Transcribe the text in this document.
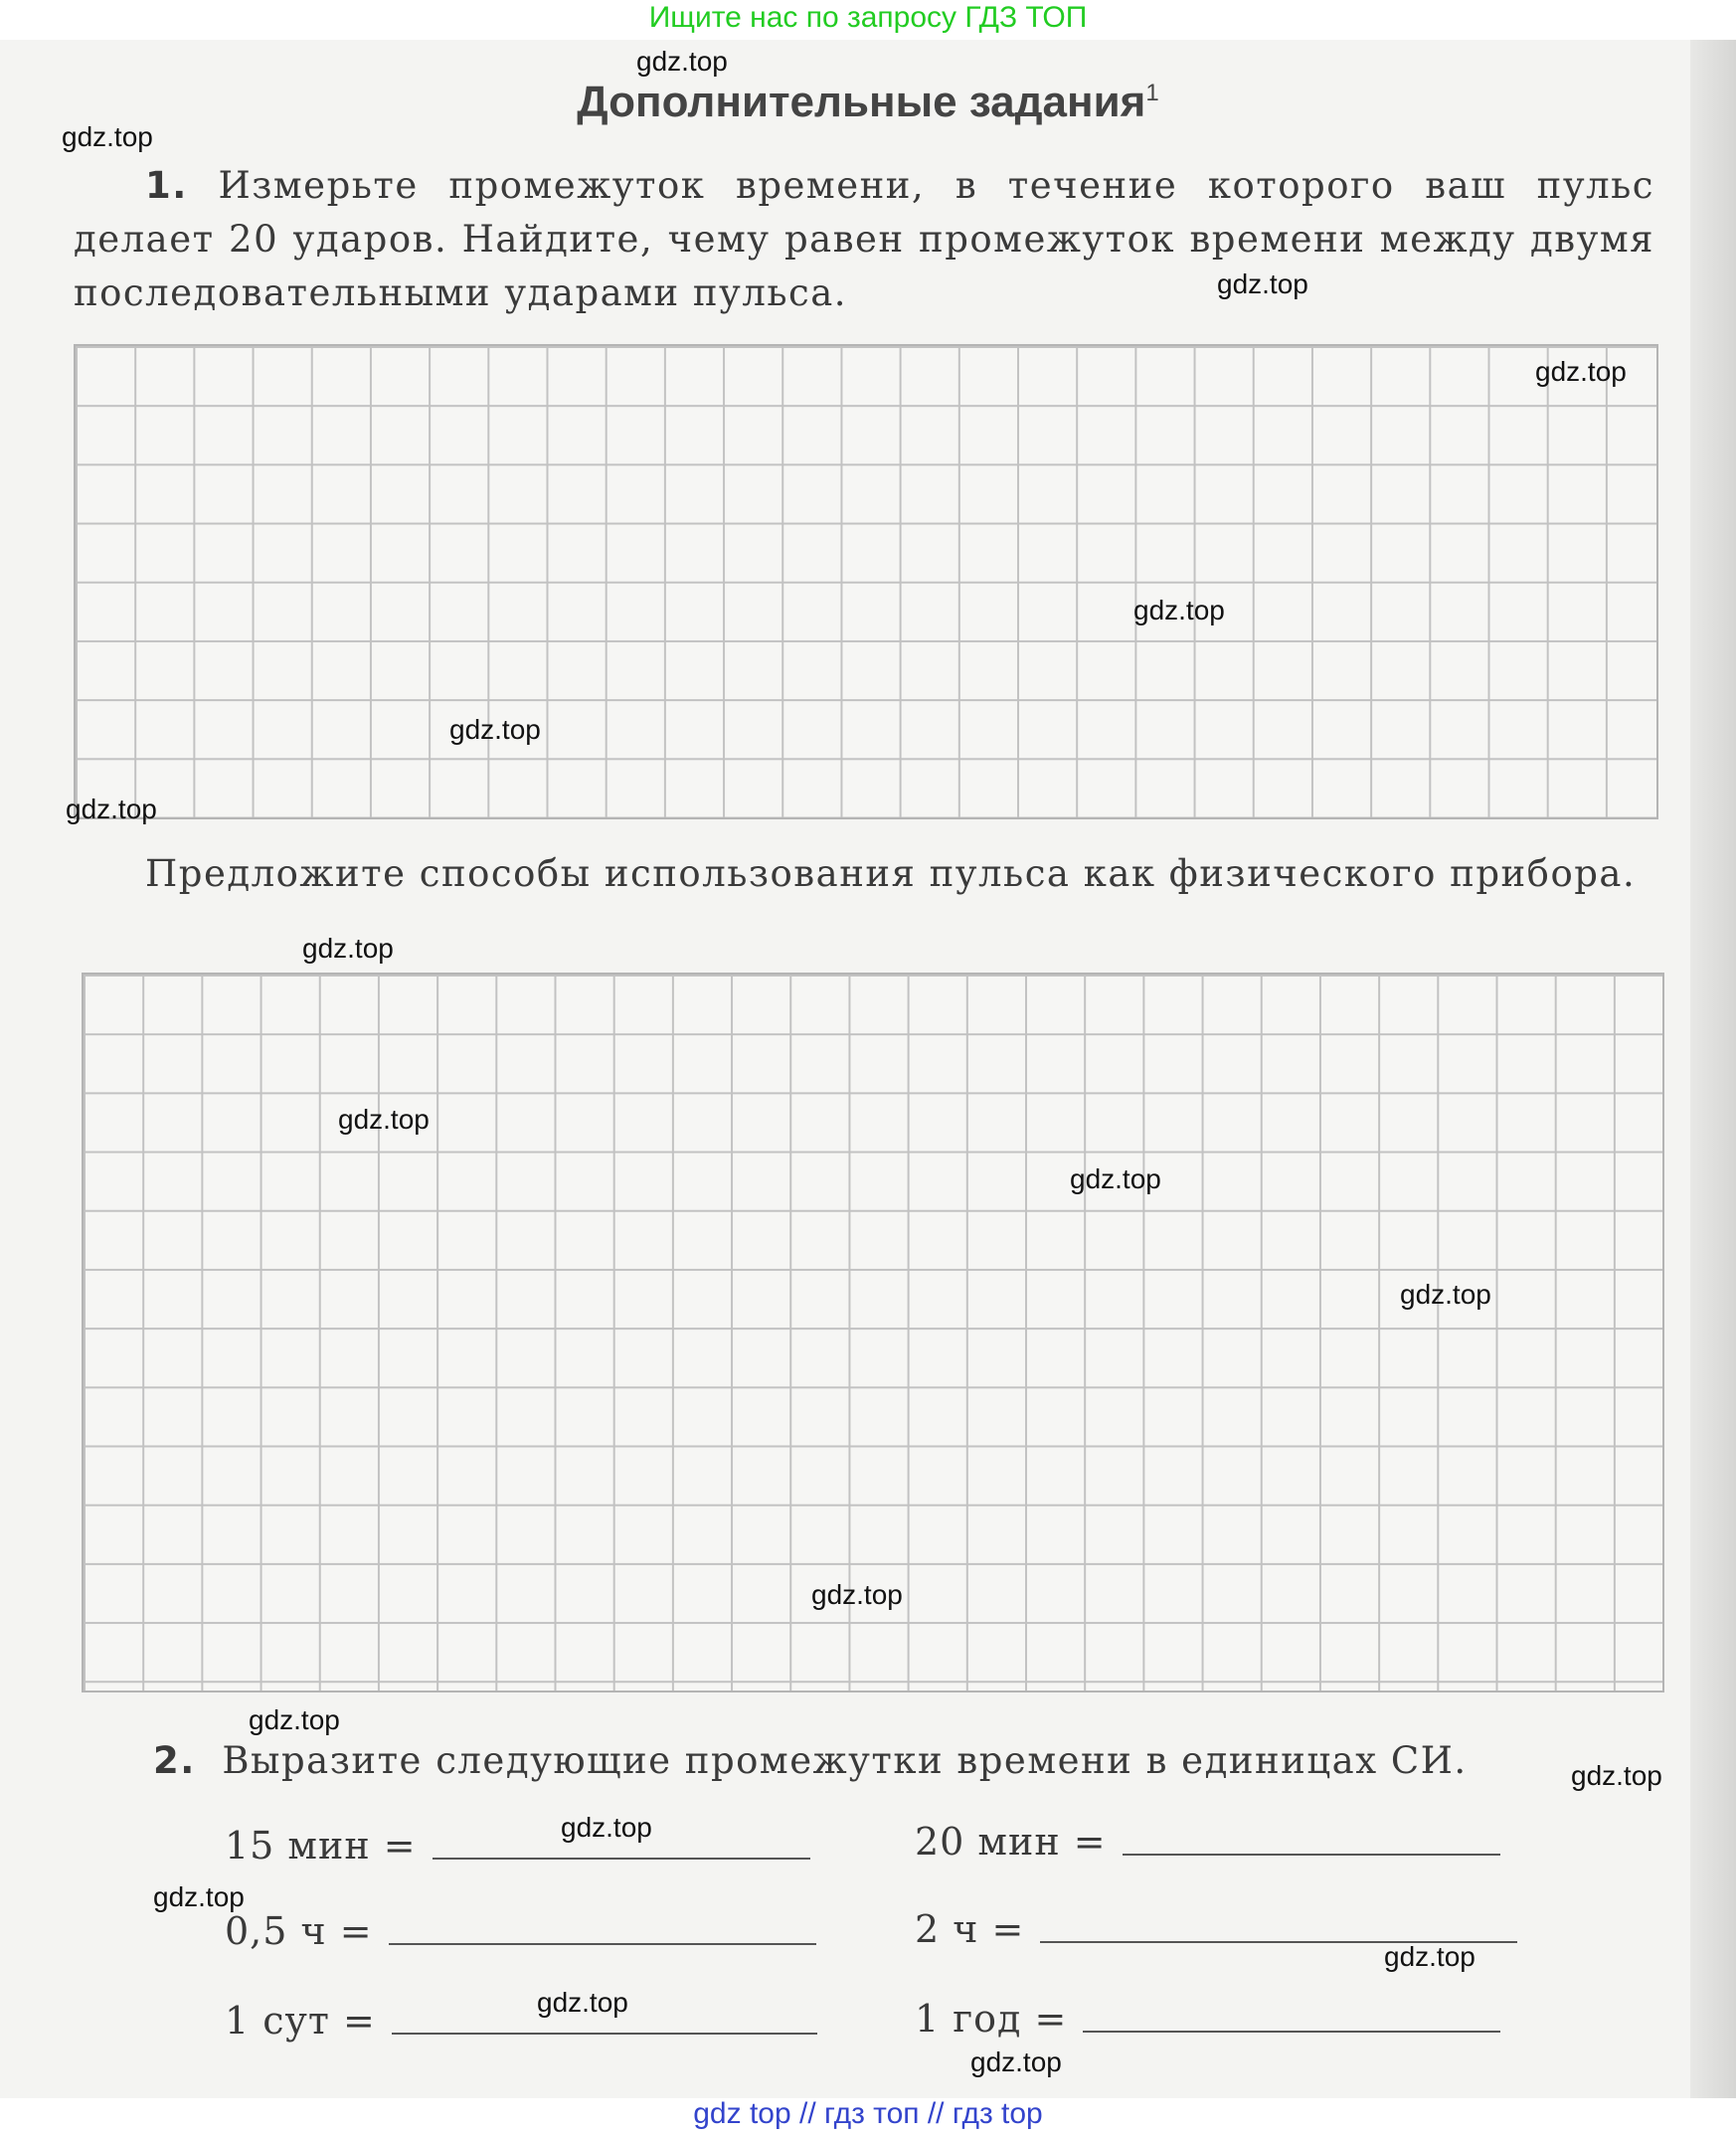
Ищите нас по запросу ГДЗ ТОП
Дополнительные задания$^1$
1. Измерьте промежуток времени, в течение которого ваш пульс делает 20 ударов. Найдите, чему равен промежуток времени между двумя последовательными ударами пульса.
Предложите способы использования пульса как физического прибора.
2. Выразите следующие промежутки времени в единицах СИ.
15 мин =	20 мин =
0,5 ч =	2 ч =
1 сут =	1 год =
gdz.top
gdz.top
gdz.top
gdz.top
gdz.top
gdz.top
gdz.top
gdz.top
gdz.top
gdz.top
gdz.top
gdz.top
gdz.top
gdz.top
gdz.top
gdz.top
gdz.top
gdz.top
gdz.top
gdz top // гдз топ // гдз top
